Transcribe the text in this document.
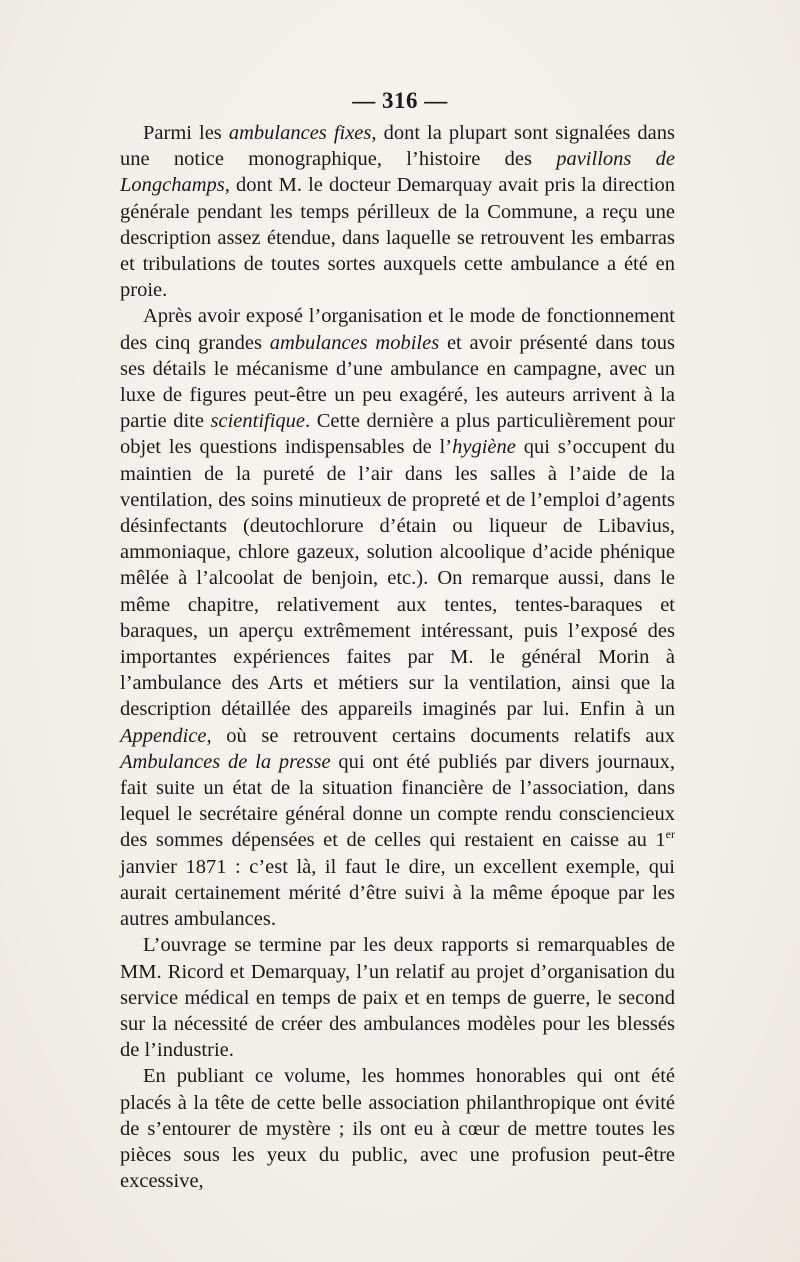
— 316 —

Parmi les ambulances fixes, dont la plupart sont signalées dans une notice monographique, l’histoire des pavillons de Longchamps, dont M. le docteur Demarquay avait pris la direction générale pendant les temps périlleux de la Commune, a reçu une description assez étendue, dans laquelle se retrouvent les embarras et tribulations de toutes sortes auxquels cette ambulance a été en proie.

Après avoir exposé l’organisation et le mode de fonctionnement des cinq grandes ambulances mobiles et avoir présenté dans tous ses détails le mécanisme d’une ambulance en campagne, avec un luxe de figures peut-être un peu exagéré, les auteurs arrivent à la partie dite scientifique. Cette dernière a plus particulièrement pour objet les questions indispensables de l’hygiène qui s’occupent du maintien de la pureté de l’air dans les salles à l’aide de la ventilation, des soins minutieux de propreté et de l’emploi d’agents désinfectants (deutochlorure d’étain ou liqueur de Libavius, ammoniaque, chlore gazeux, solution alcoolique d’acide phénique mêlée à l’alcoolat de benjoin, etc.). On remarque aussi, dans le même chapitre, relativement aux tentes, tentes-baraques et baraques, un aperçu extrêmement intéressant, puis l’exposé des importantes expériences faites par M. le général Morin à l’ambulance des Arts et métiers sur la ventilation, ainsi que la description détaillée des appareils imaginés par lui. Enfin à un Appendice, où se retrouvent certains documents relatifs aux Ambulances de la presse qui ont été publiés par divers journaux, fait suite un état de la situation financière de l’association, dans lequel le secrétaire général donne un compte rendu consciencieux des sommes dépensées et de celles qui restaient en caisse au 1er janvier 1871 : c’est là, il faut le dire, un excellent exemple, qui aurait certainement mérité d’être suivi à la même époque par les autres ambulances.

L’ouvrage se termine par les deux rapports si remarquables de MM. Ricord et Demarquay, l’un relatif au projet d’organisation du service médical en temps de paix et en temps de guerre, le second sur la nécessité de créer des ambulances modèles pour les blessés de l’industrie.

En publiant ce volume, les hommes honorables qui ont été placés à la tête de cette belle association philanthropique ont évité de s’entourer de mystère ; ils ont eu à cœur de mettre toutes les pièces sous les yeux du public, avec une profusion peut-être excessive,
